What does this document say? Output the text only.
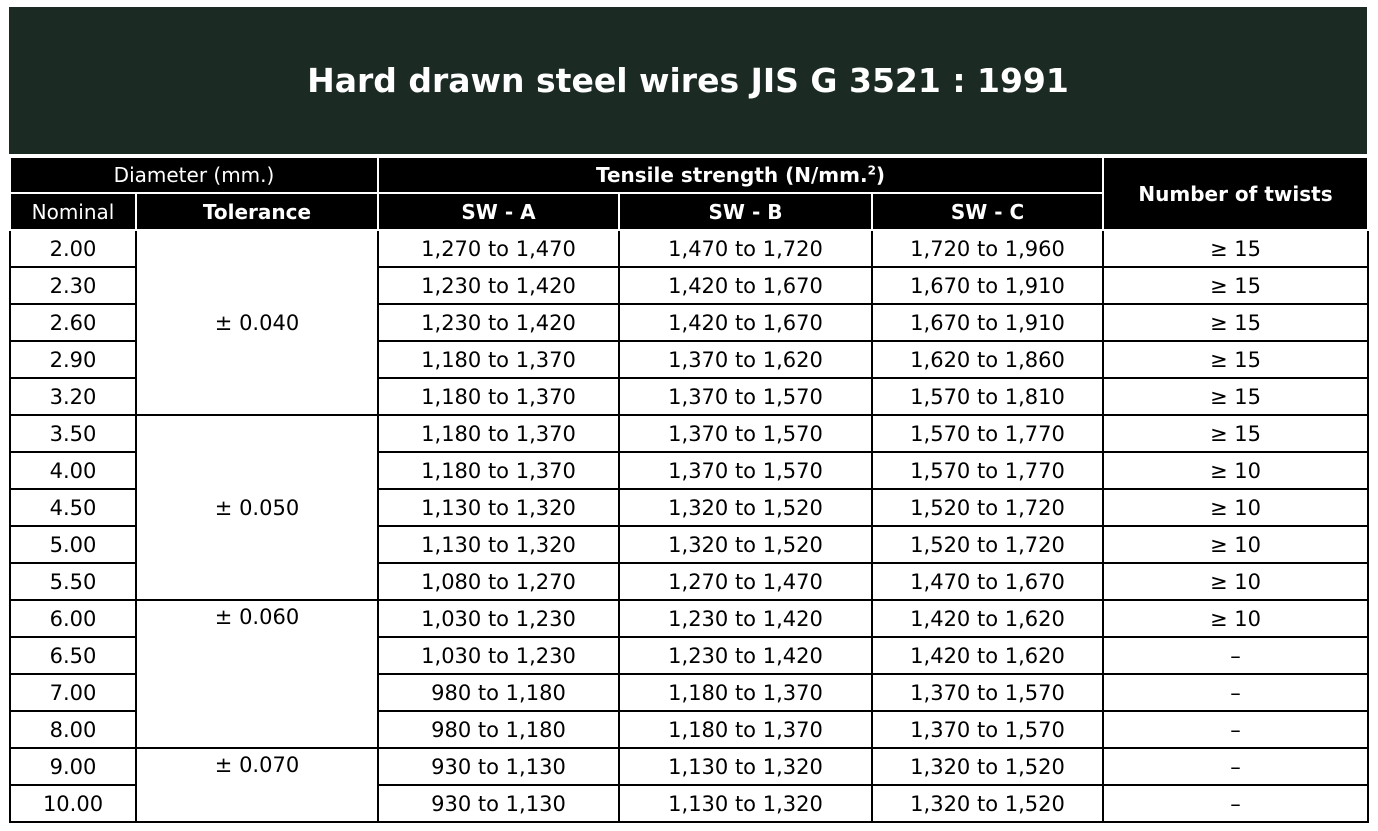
Hard drawn steel wires JIS G 3521 : 1991
Diameter (mm.)		Tensile strength (N/mm.$^2$)			Number of twists
Nominal	Tolerance	SW - A	SW - B	SW - C	
2.00	± 0.040	1,270 to 1,470	1,470 to 1,720	1,720 to 1,960	≥ 15
2.30		1,230 to 1,420	1,420 to 1,670	1,670 to 1,910	≥ 15
2.60		1,230 to 1,420	1,420 to 1,670	1,670 to 1,910	≥ 15
2.90		1,180 to 1,370	1,370 to 1,620	1,620 to 1,860	≥ 15
3.20		1,180 to 1,370	1,370 to 1,570	1,570 to 1,810	≥ 15
3.50	± 0.050	1,180 to 1,370	1,370 to 1,570	1,570 to 1,770	≥ 15
4.00		1,180 to 1,370	1,370 to 1,570	1,570 to 1,770	≥ 10
4.50		1,130 to 1,320	1,320 to 1,520	1,520 to 1,720	≥ 10
5.00		1,130 to 1,320	1,320 to 1,520	1,520 to 1,720	≥ 10
5.50		1,080 to 1,270	1,270 to 1,470	1,470 to 1,670	≥ 10
6.00	± 0.060	1,030 to 1,230	1,230 to 1,420	1,420 to 1,620	≥ 10
6.50		1,030 to 1,230	1,230 to 1,420	1,420 to 1,620	–
7.00		980 to 1,180	1,180 to 1,370	1,370 to 1,570	–
8.00		980 to 1,180	1,180 to 1,370	1,370 to 1,570	–
9.00	± 0.070	930 to 1,130	1,130 to 1,320	1,320 to 1,520	–
10.00		930 to 1,130	1,130 to 1,320	1,320 to 1,520	–
